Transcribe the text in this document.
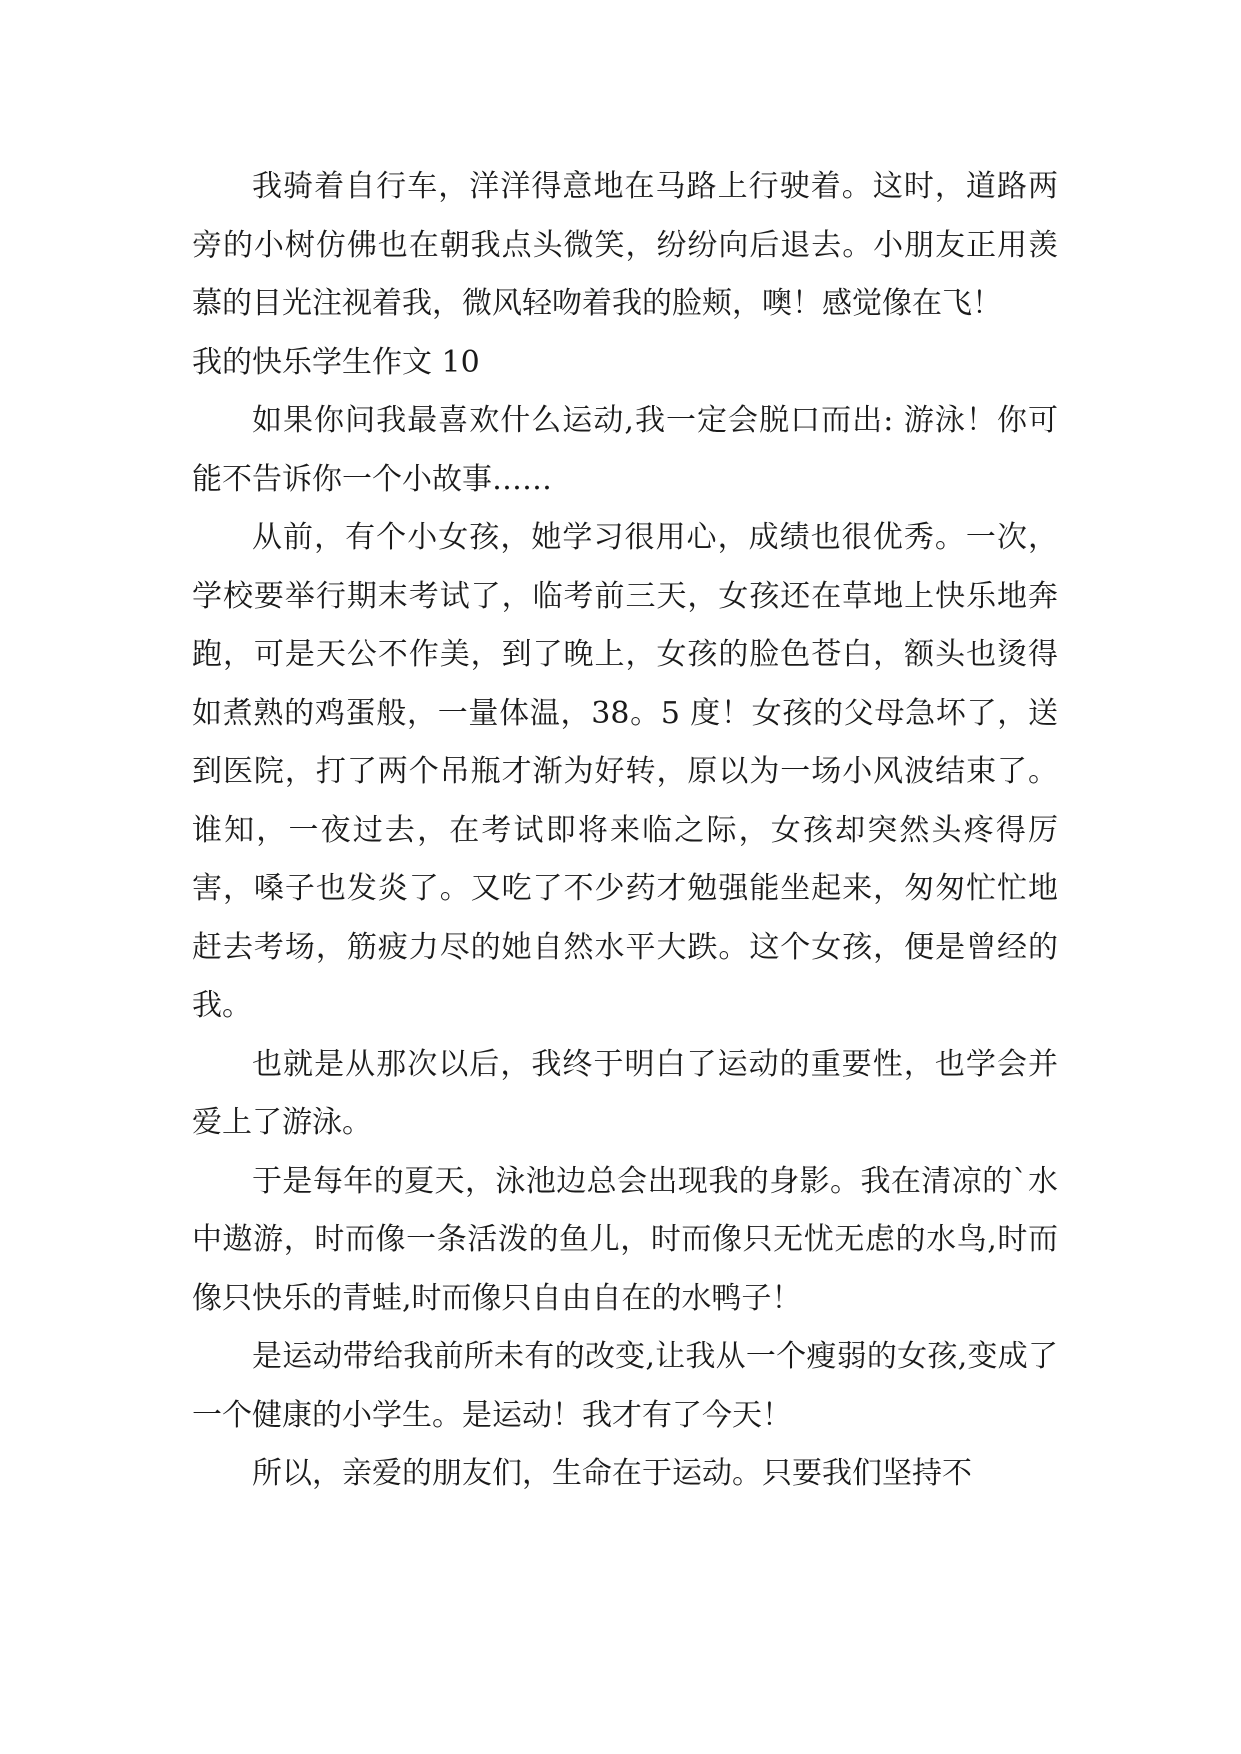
我骑着自行车，洋洋得意地在马路上行驶着。这时，道路两旁的小树仿佛也在朝我点头微笑，纷纷向后退去。小朋友正用羡慕的目光注视着我，微风轻吻着我的脸颊，噢！感觉像在飞！

我的快乐学生作文 10

如果你问我最喜欢什么运动,我一定会脱口而出: 游泳！你可能不告诉你一个小故事……

从前，有个小女孩，她学习很用心，成绩也很优秀。一次，学校要举行期末考试了，临考前三天，女孩还在草地上快乐地奔跑，可是天公不作美，到了晚上，女孩的脸色苍白，额头也烫得如煮熟的鸡蛋般，一量体温，38。5 度！女孩的父母急坏了，送到医院，打了两个吊瓶才渐为好转，原以为一场小风波结束了。谁知，一夜过去，在考试即将来临之际，女孩却突然头疼得厉害，嗓子也发炎了。又吃了不少药才勉强能坐起来，匆匆忙忙地赶去考场，筋疲力尽的她自然水平大跌。这个女孩，便是曾经的我。

也就是从那次以后，我终于明白了运动的重要性，也学会并爱上了游泳。

于是每年的夏天，泳池边总会出现我的身影。我在清凉的`水中遨游，时而像一条活泼的鱼儿，时而像只无忧无虑的水鸟,时而像只快乐的青蛙,时而像只自由自在的水鸭子！

是运动带给我前所未有的改变,让我从一个瘦弱的女孩,变成了一个健康的小学生。是运动！我才有了今天！

所以，亲爱的朋友们，生命在于运动。只要我们坚持不
